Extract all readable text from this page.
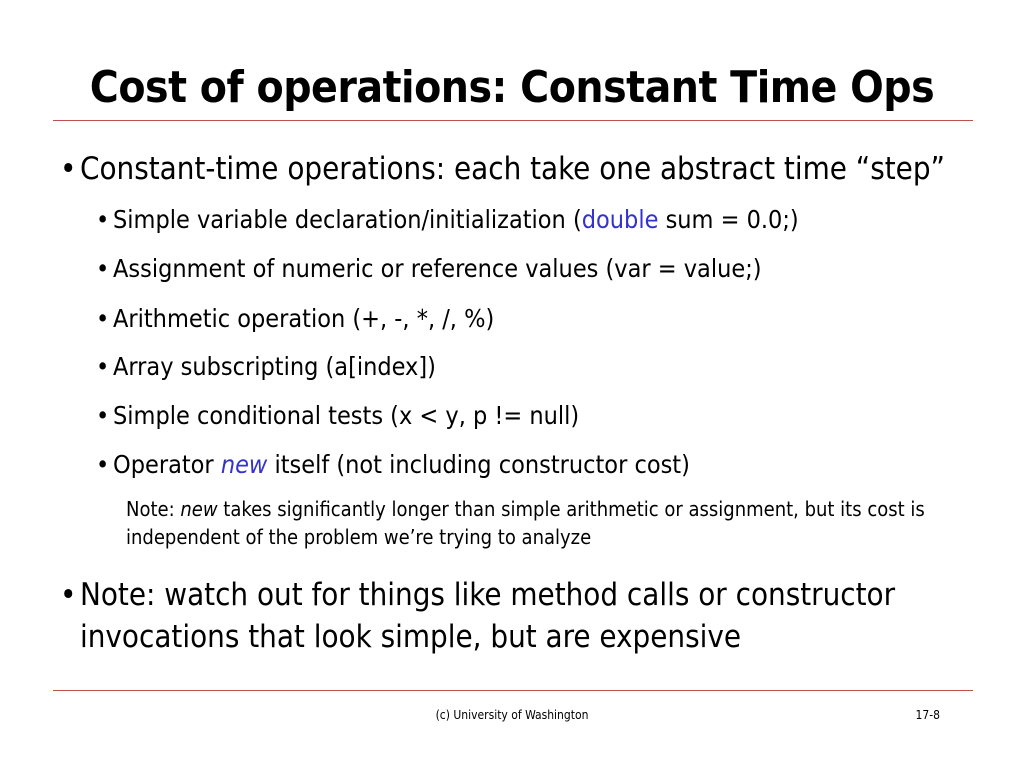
Cost of operations: Constant Time Ops
• Constant-time operations: each take one abstract time “step”
• Simple variable declaration/initialization (double sum = 0.0;)
• Assignment of numeric or reference values (var = value;)
• Arithmetic operation (+, -, *, /, %)
• Array subscripting (a[index])
• Simple conditional tests (x < y, p != null)
• Operator new itself (not including constructor cost)
Note: new takes significantly longer than simple arithmetic or assignment, but its cost is independent of the problem we’re trying to analyze
• Note: watch out for things like method calls or constructor invocations that look simple, but are expensive
(c) University of Washington	17-8
